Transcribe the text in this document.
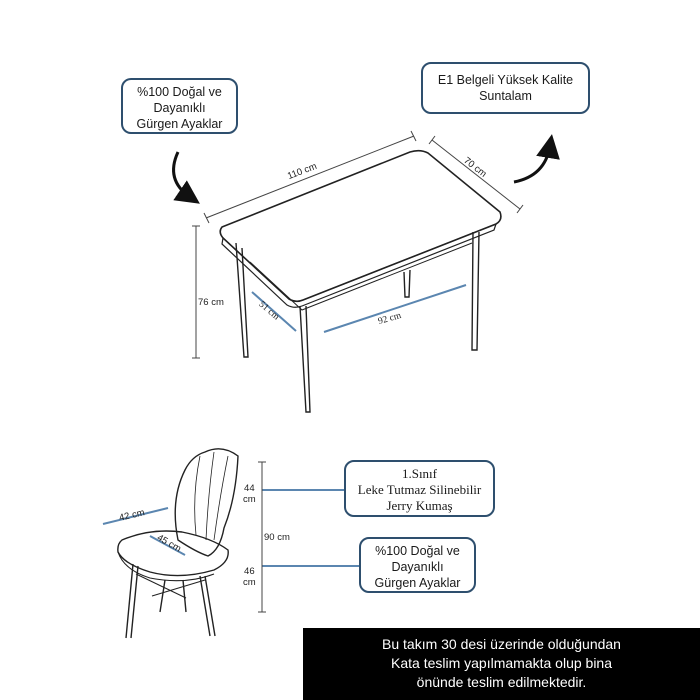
%100 Doğal ve
Dayanıklı
Gürgen Ayaklar
E1 Belgeli Yüksek Kalite
Suntalam
110 cm	70 cm
76 cm	51 cm	92 cm
42 cm
45 cm
44
cm
90 cm
46
cm
1.Sınıf
Leke Tutmaz Silinebilir
Jerry Kumaş
%100 Doğal ve
Dayanıklı
Gürgen Ayaklar
Bu takım 30 desi üzerinde olduğundan
Kata teslim yapılmamakta olup bina
önünde teslim edilmektedir.
